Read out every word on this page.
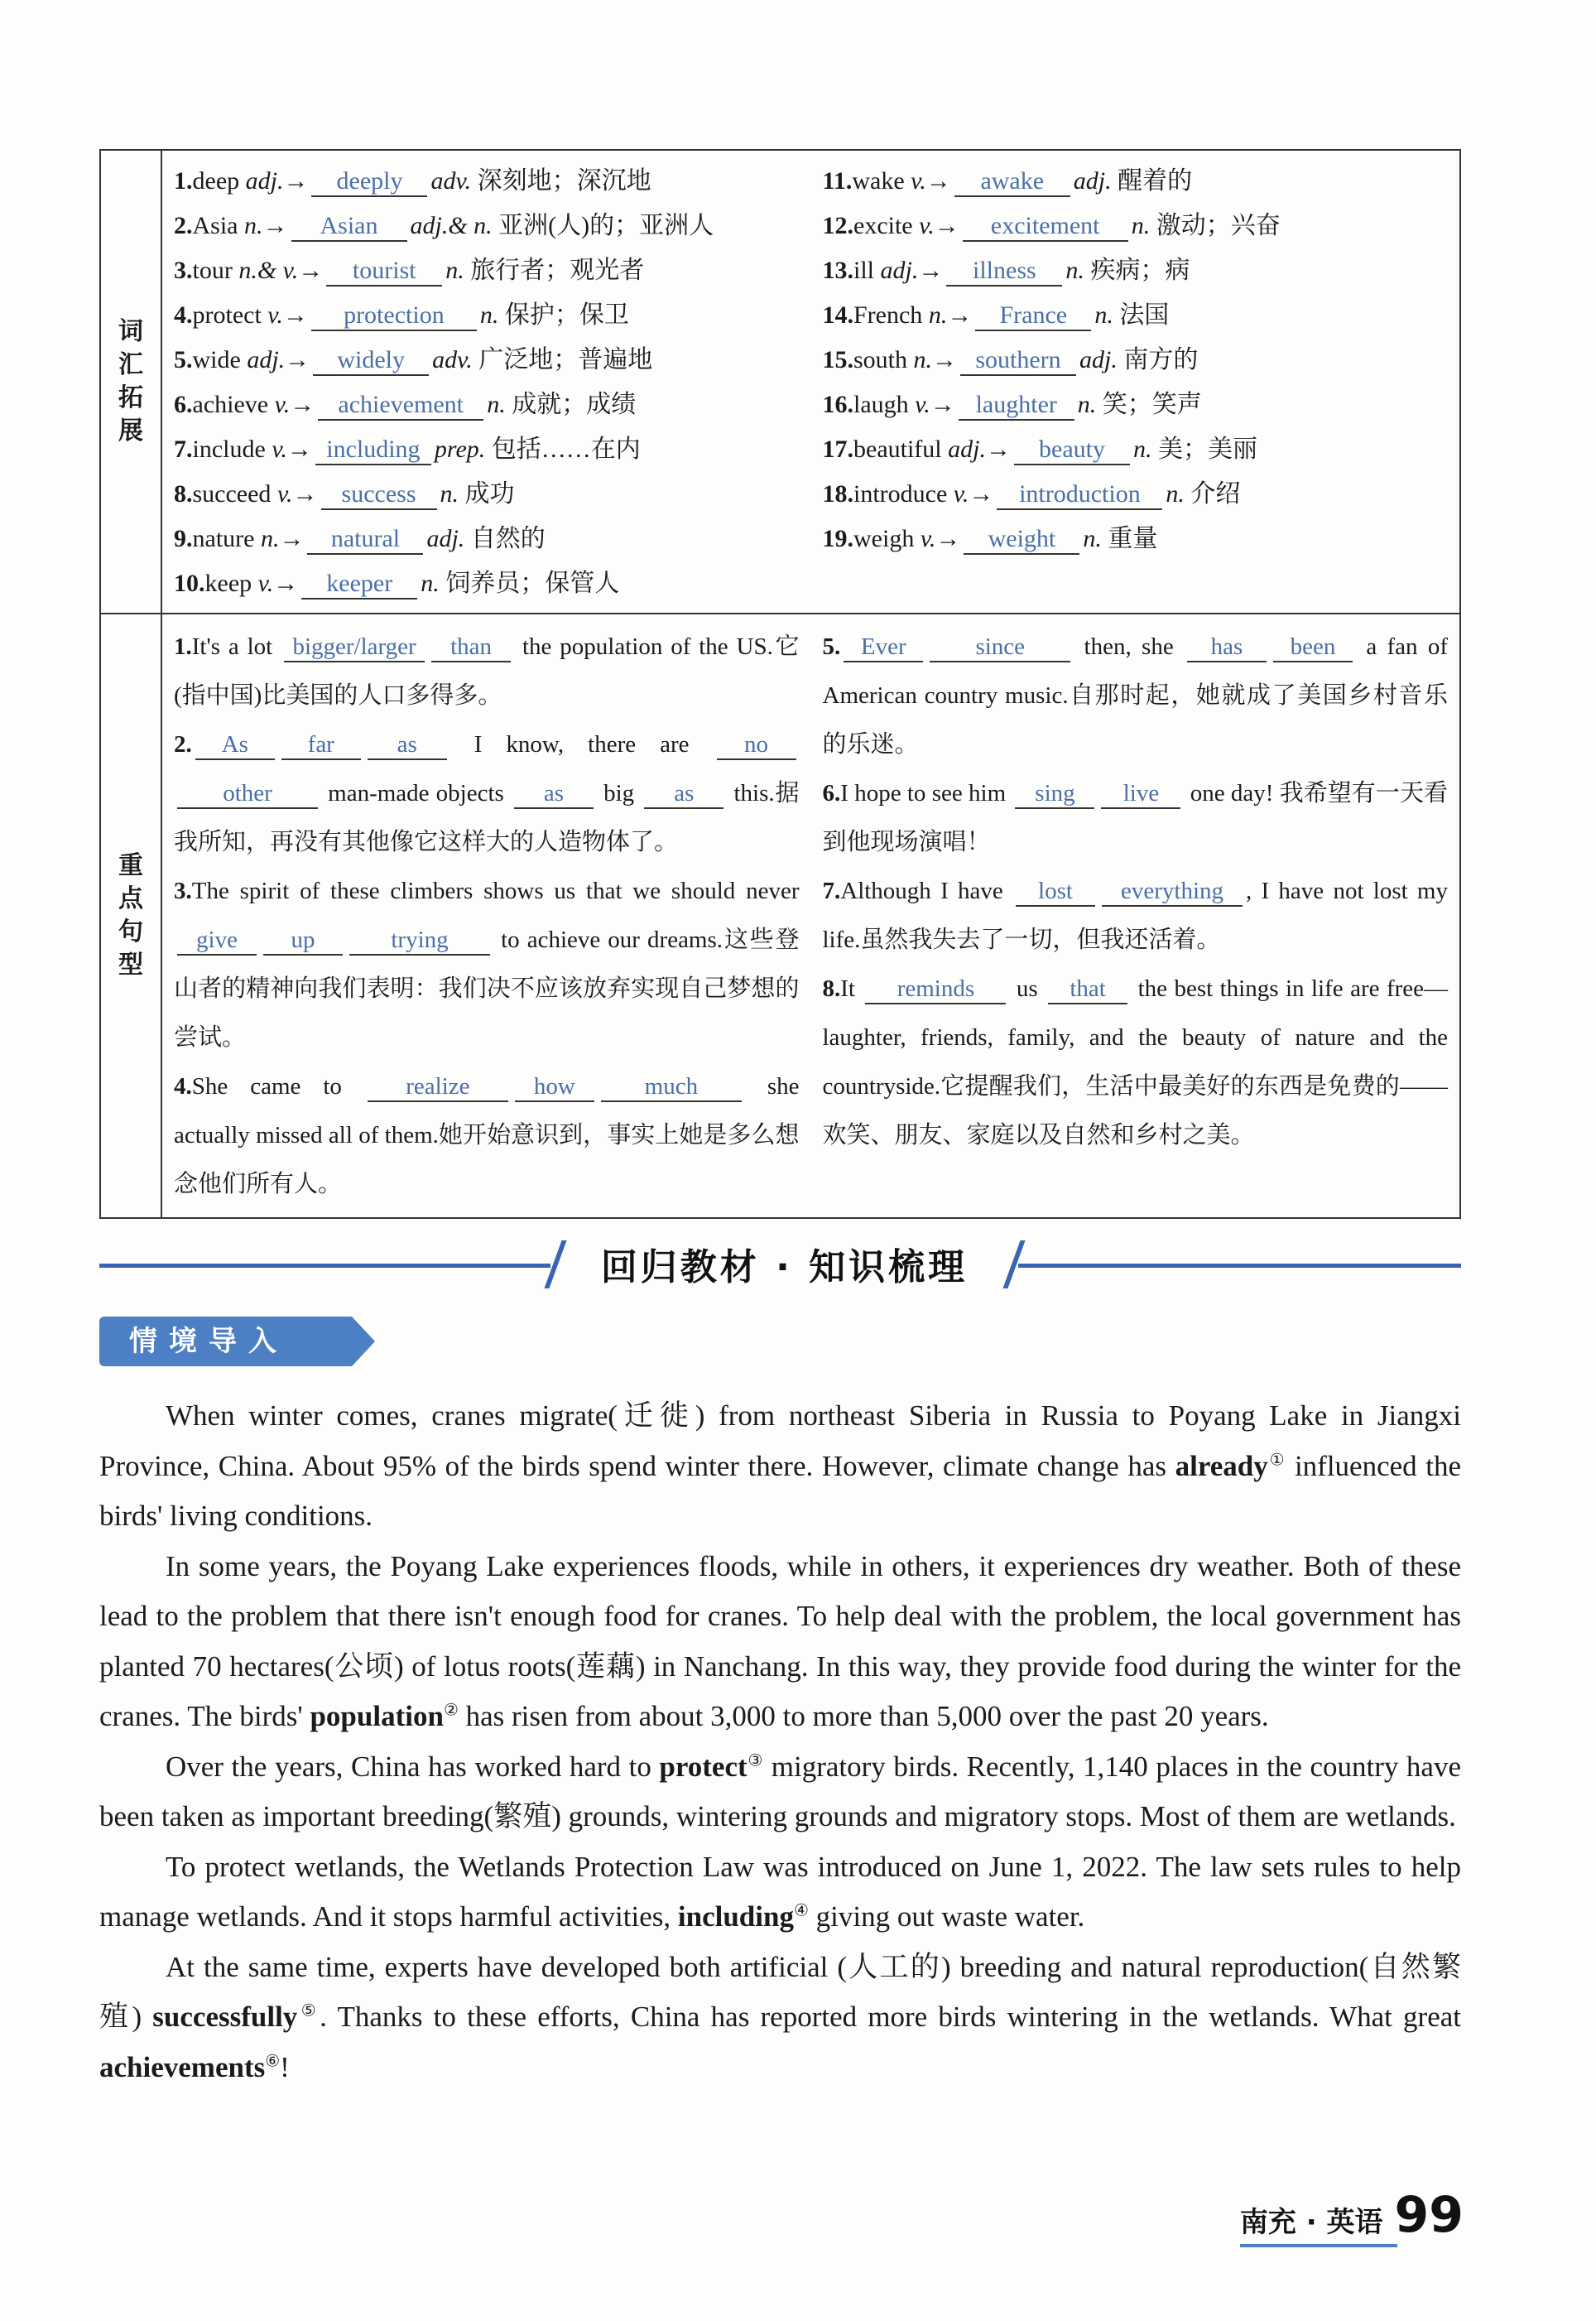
词汇拓展
1.deep adj.→ deeply adv. 深刻地；深沉地
2.Asia n.→ Asian adj.& n. 亚洲(人)的；亚洲人
3.tour n.& v.→ tourist n. 旅行者；观光者
4.protect v.→ protection n. 保护；保卫
5.wide adj.→ widely adv. 广泛地；普遍地
6.achieve v.→ achievement n. 成就；成绩
7.include v.→ including prep. 包括……在内
8.succeed v.→ success n. 成功
9.nature n.→ natural adj. 自然的
10.keep v.→ keeper n. 饲养员；保管人
11.wake v.→ awake adj. 醒着的
12.excite v.→ excitement n. 激动；兴奋
13.ill adj.→ illness n. 疾病；病
14.French n.→ France n. 法国
15.south n.→ southern adj. 南方的
16.laugh v.→ laughter n. 笑；笑声
17.beautiful adj.→ beauty n. 美；美丽
18.introduce v.→ introduction n. 介绍
19.weigh v.→ weight n. 重量
重点句型
1.It's a lot bigger/larger than the population of the US.它(指中国)比美国的人口多得多。
2. As far	as I know, there are noother man-made objects as big as this.据我所知，再没有其他像它这样大的人造物体了。
3.The spirit of these climbers shows us that we should never give up	trying to achieve our dreams.这些登山者的精神向我们表明：我们决不应该放弃实现自己梦想的尝试。
4.She came to realize	how	much she actually missed all of them.她开始意识到，事实上她是多么想念他们所有人。
5. Ever	since then, she has been a fan of American country music.自那时起，她就成了美国乡村音乐的乐迷。
6.I hope to see him sing live one day! 我希望有一天看到他现场演唱！
7.Although I have lost everything , I have not lost my life.虽然我失去了一切，但我还活着。
8.It reminds us that the best things in life are free—laughter, friends, family, and the beauty of nature and the countryside.它提醒我们，生活中最美好的东西是免费的——欢笑、朋友、家庭以及自然和乡村之美。
回归教材 · 知识梳理
情境导入

When winter comes, cranes migrate(迁徙) from northeast Siberia in Russia to Poyang Lake in Jiangxi Province, China. About 95% of the birds spend winter there. However, climate change has already① influenced the birds' living conditions.

In some years, the Poyang Lake experiences floods, while in others, it experiences dry weather. Both of these lead to the problem that there isn't enough food for cranes. To help deal with the problem, the local government has planted 70 hectares(公顷) of lotus roots(莲藕) in Nanchang. In this way, they provide food during the winter for the cranes. The birds' population② has risen from about 3,000 to more than 5,000 over the past 20 years.

Over the years, China has worked hard to protect③ migratory birds. Recently, 1,140 places in the country have been taken as important breeding(繁殖) grounds, wintering grounds and migratory stops. Most of them are wetlands.

To protect wetlands, the Wetlands Protection Law was introduced on June 1, 2022. The law sets rules to help manage wetlands. And it stops harmful activities, including④ giving out waste water.

At the same time, experts have developed both artificial (人工的) breeding and natural reproduction(自然繁殖) successfully⑤. Thanks to these efforts, China has reported more birds wintering in the wetlands. What great achievements⑥!

南充 · 英语 99
